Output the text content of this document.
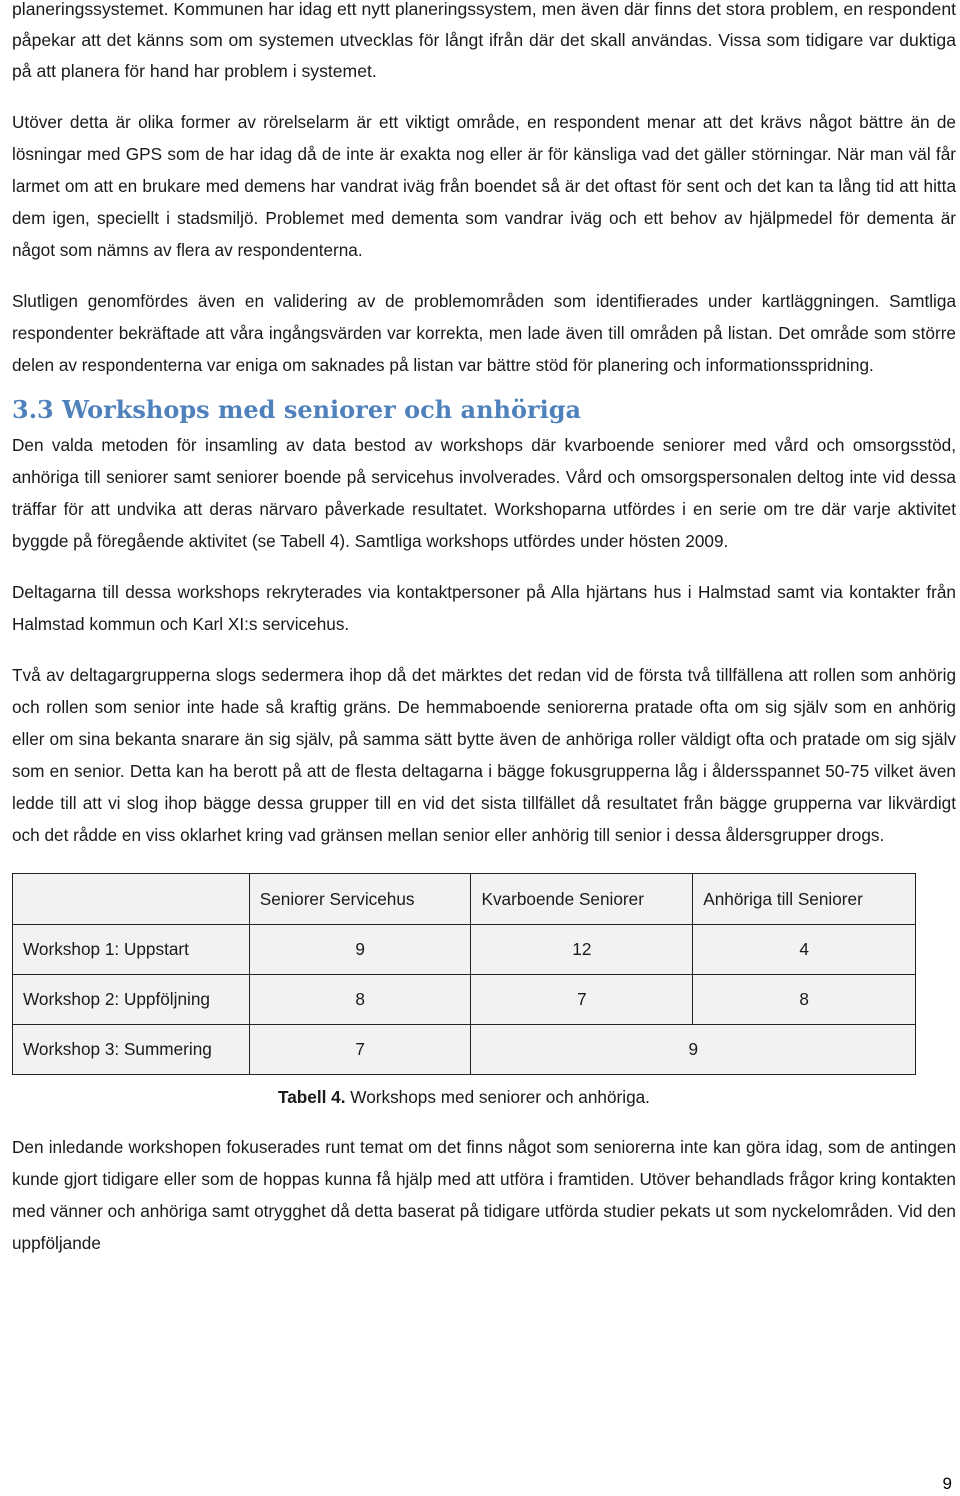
planeringssystemet. Kommunen har idag ett nytt planeringssystem, men även där finns det stora problem, en respondent påpekar att det känns som om systemen utvecklas för långt ifrån där det skall användas. Vissa som tidigare var duktiga på att planera för hand har problem i systemet.

Utöver detta är olika former av rörelselarm är ett viktigt område, en respondent menar att det krävs något bättre än de lösningar med GPS som de har idag då de inte är exakta nog eller är för känsliga vad det gäller störningar. När man väl får larmet om att en brukare med demens har vandrat iväg från boendet så är det oftast för sent och det kan ta lång tid att hitta dem igen, speciellt i stadsmiljö. Problemet med dementa som vandrar iväg och ett behov av hjälpmedel för dementa är något som nämns av flera av respondenterna.

Slutligen genomfördes även en validering av de problemområden som identifierades under kartläggningen. Samtliga respondenter bekräftade att våra ingångsvärden var korrekta, men lade även till områden på listan. Det område som större delen av respondenterna var eniga om saknades på listan var bättre stöd för planering och informationsspridning.

3.3 Workshops med seniorer och anhöriga

Den valda metoden för insamling av data bestod av workshops där kvarboende seniorer med vård och omsorgsstöd, anhöriga till seniorer samt seniorer boende på servicehus involverades. Vård och omsorgspersonalen deltog inte vid dessa träffar för att undvika att deras närvaro påverkade resultatet. Workshoparna utfördes i en serie om tre där varje aktivitet byggde på föregående aktivitet (se Tabell 4). Samtliga workshops utfördes under hösten 2009.

Deltagarna till dessa workshops rekryterades via kontaktpersoner på Alla hjärtans hus i Halmstad samt via kontakter från Halmstad kommun och Karl XI:s servicehus.

Två av deltagargrupperna slogs sedermera ihop då det märktes det redan vid de första två tillfällena att rollen som anhörig och rollen som senior inte hade så kraftig gräns. De hemmaboende seniorerna pratade ofta om sig själv som en anhörig eller om sina bekanta snarare än sig själv, på samma sätt bytte även de anhöriga roller väldigt ofta och pratade om sig själv som en senior. Detta kan ha berott på att de flesta deltagarna i bägge fokusgrupperna låg i åldersspannet 50-75 vilket även ledde till att vi slog ihop bägge dessa grupper till en vid det sista tillfället då resultatet från bägge grupperna var likvärdigt och det rådde en viss oklarhet kring vad gränsen mellan senior eller anhörig till senior i dessa åldersgrupper drogs.

	Seniorer Servicehus	Kvarboende Seniorer	Anhöriga till Seniorer
Workshop 1: Uppstart	9	12	4
Workshop 2: Uppföljning	8	7	8
Workshop 3: Summering	7	9	
Tabell 4. Workshops med seniorer och anhöriga.

Den inledande workshopen fokuserades runt temat om det finns något som seniorerna inte kan göra idag, som de antingen kunde gjort tidigare eller som de hoppas kunna få hjälp med att utföra i framtiden. Utöver behandlads frågor kring kontakten med vänner och anhöriga samt otrygghet då detta baserat på tidigare utförda studier pekats ut som nyckelområden. Vid den uppföljande

9
